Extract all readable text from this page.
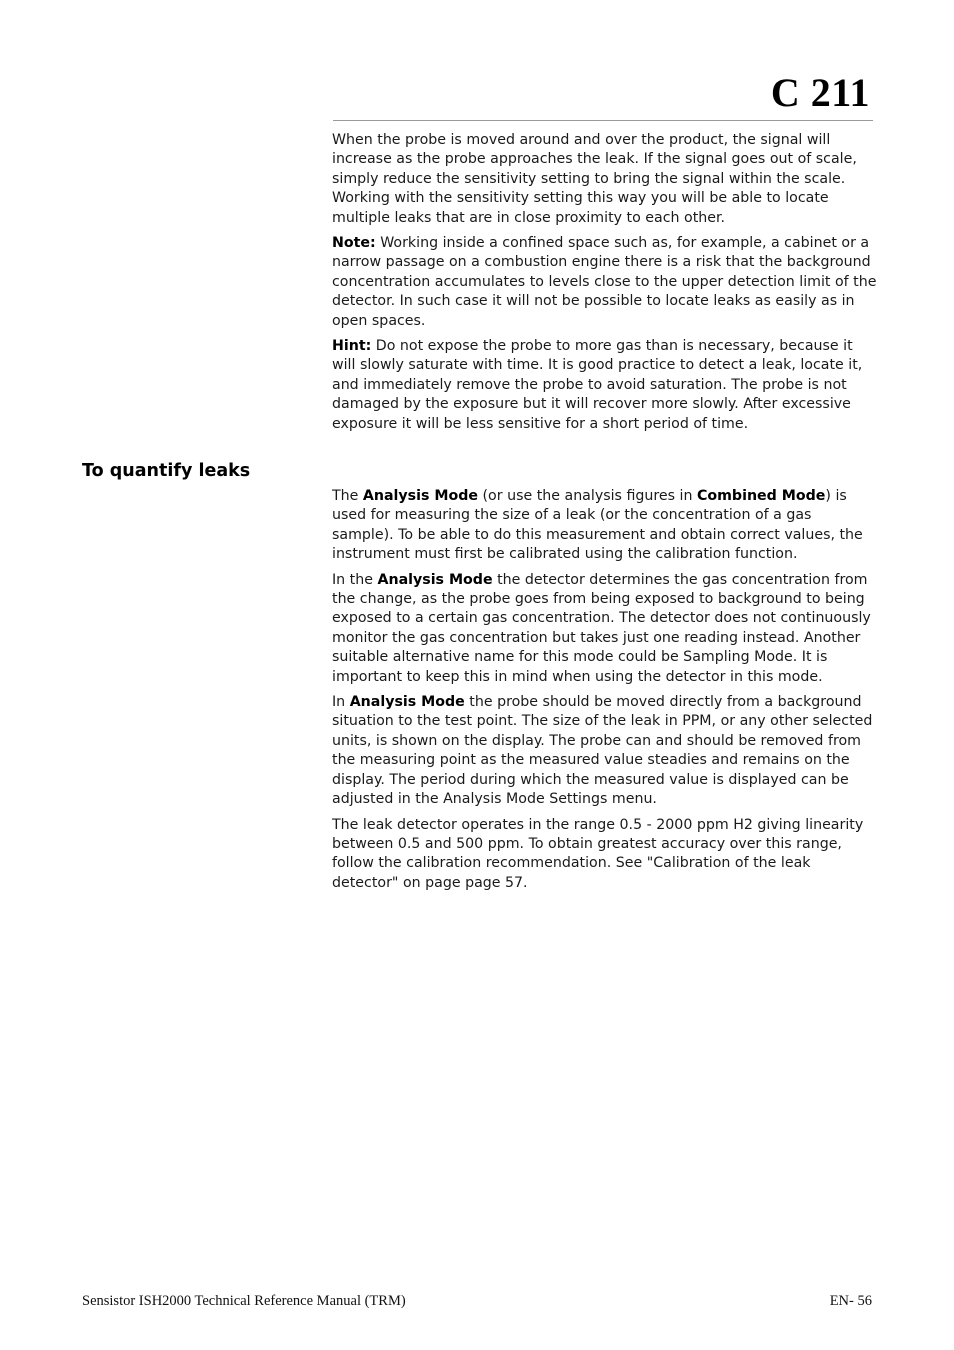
C 211

When the probe is moved around and over the product, the signal will increase as the probe approaches the leak. If the signal goes out of scale, simply reduce the sensitivity setting to bring the signal within the scale. Working with the sensitivity setting this way you will be able to locate multiple leaks that are in close proximity to each other.

Note: Working inside a confined space such as, for example, a cabinet or a narrow passage on a combustion engine there is a risk that the background concentration accumulates to levels close to the upper detection limit of the detector. In such case it will not be possible to locate leaks as easily as in open spaces.

Hint: Do not expose the probe to more gas than is necessary, because it will slowly saturate with time. It is good practice to detect a leak, locate it, and immediately remove the probe to avoid saturation. The probe is not damaged by the exposure but it will recover more slowly. After excessive exposure it will be less sensitive for a short period of time.

To quantify leaks

The Analysis Mode (or use the analysis figures in Combined Mode) is used for measuring the size of a leak (or the concentration of a gas sample). To be able to do this measurement and obtain correct values, the instrument must first be calibrated using the calibration function.

In the Analysis Mode the detector determines the gas concentration from the change, as the probe goes from being exposed to background to being exposed to a certain gas concentration. The detector does not continuously monitor the gas concentration but takes just one reading instead. Another suitable alternative name for this mode could be Sampling Mode. It is important to keep this in mind when using the detector in this mode.

In Analysis Mode the probe should be moved directly from a background situation to the test point. The size of the leak in PPM, or any other selected units, is shown on the display. The probe can and should be removed from the measuring point as the measured value steadies and remains on the display. The period during which the measured value is displayed can be adjusted in the Analysis Mode Settings menu.

The leak detector operates in the range 0.5 - 2000 ppm H2 giving linearity between 0.5 and 500 ppm. To obtain greatest accuracy over this range, follow the calibration recommendation. See "Calibration of the leak detector" on page page 57.

Sensistor ISH2000 Technical Reference Manual (TRM)	EN- 56
